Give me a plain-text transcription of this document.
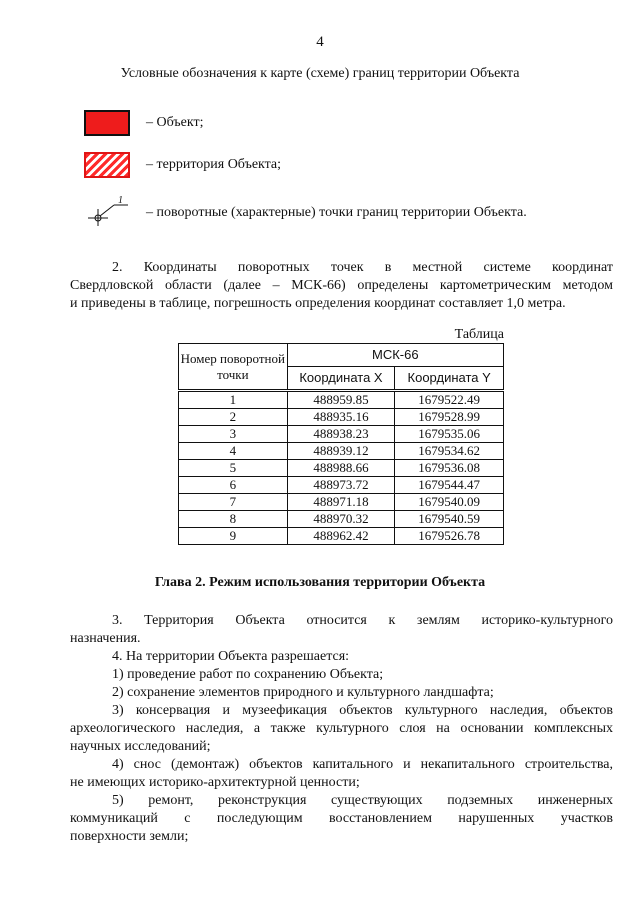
4
Условные обозначения к карте (схеме) границ территории Объекта
– Объект;
– территория Объекта;
1
– поворотные (характерные) точки границ территории Объекта.
2. Координаты поворотных точек в местной системе координат
Свердловской области (далее – МСК-66) определены картометрическим методом
и приведены в таблице, погрешность определения координат составляет 1,0 метра.
Таблица
Номер поворотной точки	МСК-66	
	Координата X	Координата Y
1	488959.85	1679522.49
2	488935.16	1679528.99
3	488938.23	1679535.06
4	488939.12	1679534.62
5	488988.66	1679536.08
6	488973.72	1679544.47
7	488971.18	1679540.09
8	488970.32	1679540.59
9	488962.42	1679526.78
Глава 2. Режим использования территории Объекта
3. Территория Объекта относится к землям историко-культурного
назначения.
4. На территории Объекта разрешается:
1) проведение работ по сохранению Объекта;
2) сохранение элементов природного и культурного ландшафта;
3) консервация и музеефикация объектов культурного наследия, объектов
археологического наследия, а также культурного слоя на основании комплексных
научных исследований;
4) снос (демонтаж) объектов капитального и некапитального строительства,
не имеющих историко-архитектурной ценности;
5) ремонт, реконструкция существующих подземных инженерных
коммуникаций с последующим восстановлением нарушенных участков
поверхности земли;
